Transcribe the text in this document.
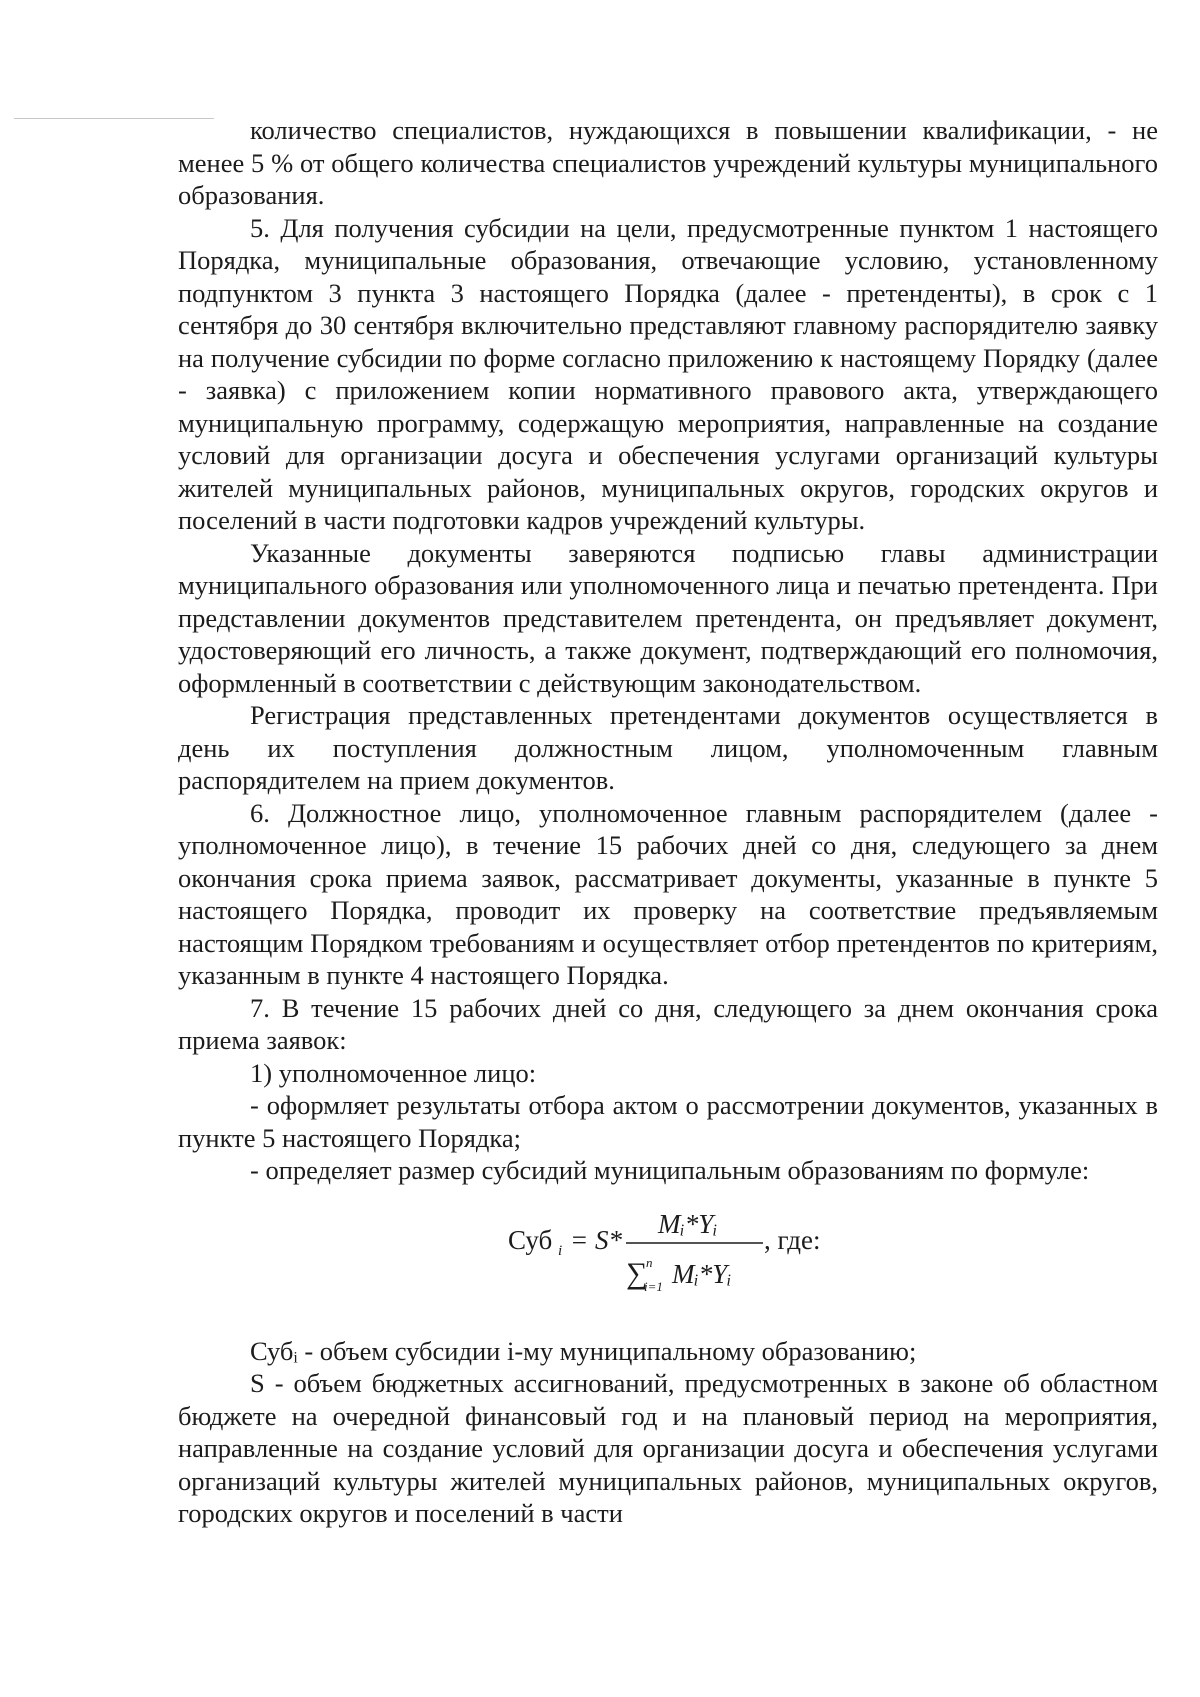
количество специалистов, нуждающихся в повышении квалификации, - не менее 5 % от общего количества специалистов учреждений культуры муниципального образования.

5. Для получения субсидии на цели, предусмотренные пунктом 1 настоящего Порядка, муниципальные образования, отвечающие условию, установленному подпунктом 3 пункта 3 настоящего Порядка (далее - претенденты), в срок с 1 сентября до 30 сентября включительно представляют главному распорядителю заявку на получение субсидии по форме согласно приложению к настоящему Порядку (далее - заявка) с приложением копии нормативного правового акта, утверждающего муниципальную программу, содержащую мероприятия, направленные на создание условий для организации досуга и обеспечения услугами организаций культуры жителей муниципальных районов, муниципальных округов, городских округов и поселений в части подготовки кадров учреждений культуры.

Указанные документы заверяются подписью главы администрации муниципального образования или уполномоченного лица и печатью претендента. При представлении документов представителем претендента, он предъявляет документ, удостоверяющий его личность, а также документ, подтверждающий его полномочия, оформленный в соответствии с действующим законодательством.

Регистрация представленных претендентами документов осуществляется в день их поступления должностным лицом, уполномоченным главным распорядителем на прием документов.

6. Должностное лицо, уполномоченное главным распорядителем (далее - уполномоченное лицо), в течение 15 рабочих дней со дня, следующего за днем окончания срока приема заявок, рассматривает документы, указанные в пункте 5 настоящего Порядка, проводит их проверку на соответствие предъявляемым настоящим Порядком требованиям и осуществляет отбор претендентов по критериям, указанным в пункте 4 настоящего Порядка.

7. В течение 15 рабочих дней со дня, следующего за днем окончания срока приема заявок:

1) уполномоченное лицо:

- оформляет результаты отбора актом о рассмотрении документов, указанных в пункте 5 настоящего Порядка;

- определяет размер субсидий муниципальным образованиям по формуле:

Суб i = S*
Mᵢ*Yᵢ
∑
n
i=1 Mᵢ*Yᵢ
, где:

Субᵢ - объем субсидии i-му муниципальному образованию;

S - объем бюджетных ассигнований, предусмотренных в законе об областном бюджете на очередной финансовый год и на плановый период на мероприятия, направленные на создание условий для организации досуга и обеспечения услугами организаций культуры жителей муниципальных районов, муниципальных округов, городских округов и поселений в части
